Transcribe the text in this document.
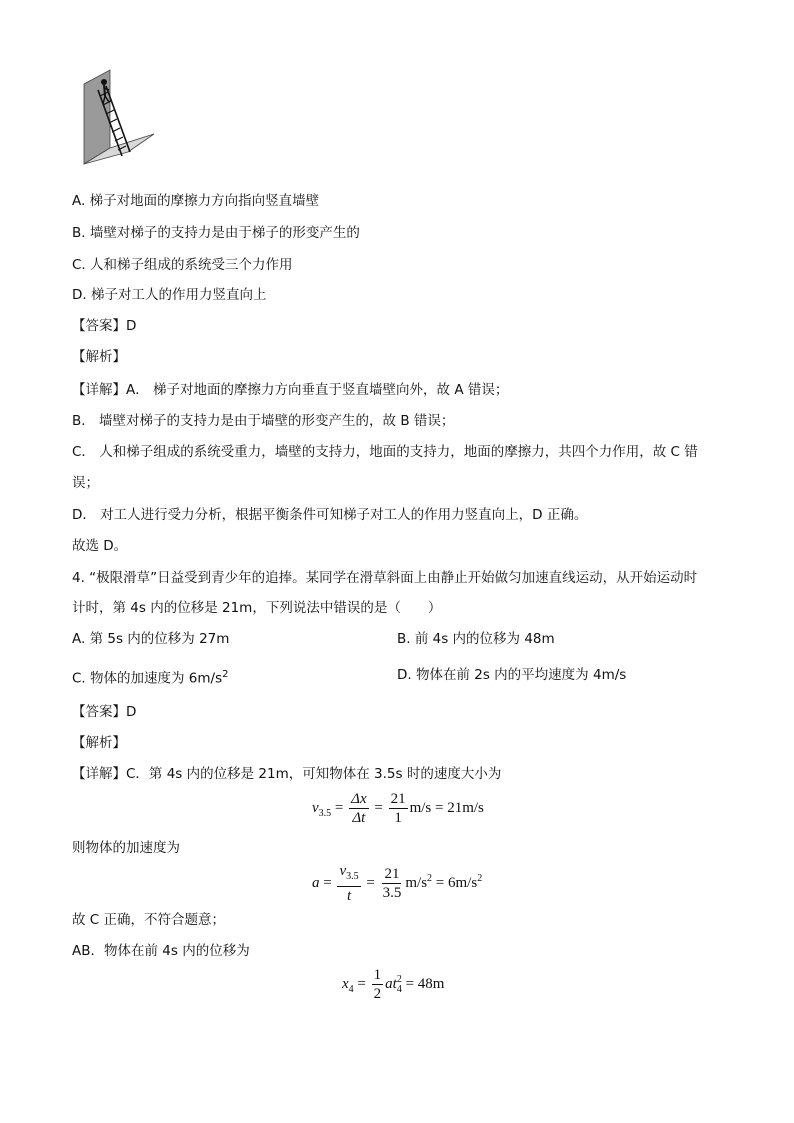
A. 梯子对地面的摩擦力方向指向竖直墙壁
B. 墙壁对梯子的支持力是由于梯子的形变产生的
C. 人和梯子组成的系统受三个力作用
D. 梯子对工人的作用力竖直向上
【答案】D
【解析】
【详解】A． 梯子对地面的摩擦力方向垂直于竖直墙壁向外，故 A 错误；
B． 墙壁对梯子的支持力是由于墙壁的形变产生的，故 B 错误；
C． 人和梯子组成的系统受重力，墙壁的支持力，地面的支持力，地面的摩擦力，共四个力作用，故 C 错
误；
D． 对工人进行受力分析，根据平衡条件可知梯子对工人的作用力竖直向上，D 正确。
故选 D。
4. “极限滑草”日益受到青少年的追捧。某同学在滑草斜面上由静止开始做匀加速直线运动，从开始运动时
计时，第 4s 内的位移是 21m，下列说法中错误的是（　　）
A. 第 5s 内的位移为 27m	B. 前 4s 内的位移为 48m
C. 物体的加速度为 $6m/s^2$	D. 物体在前 2s 内的平均速度为 4m/s
【答案】D
【解析】
【详解】C．第 4s 内的位移是 21m，可知物体在 3.5s 时的速度大小为
$v_{3.5} = \frac{\Delta x}{\Delta t} = \frac{21}{1} m/s = 21m/s$
则物体的加速度为
$a = \frac{v_{3.5}}{t} = \frac{21}{3.5} m/s^2 = 6m/s^2$
故 C 正确，不符合题意；
AB．物体在前 4s 内的位移为
$x_4 = \frac{1}{2}$ at 2
4 = 48m
